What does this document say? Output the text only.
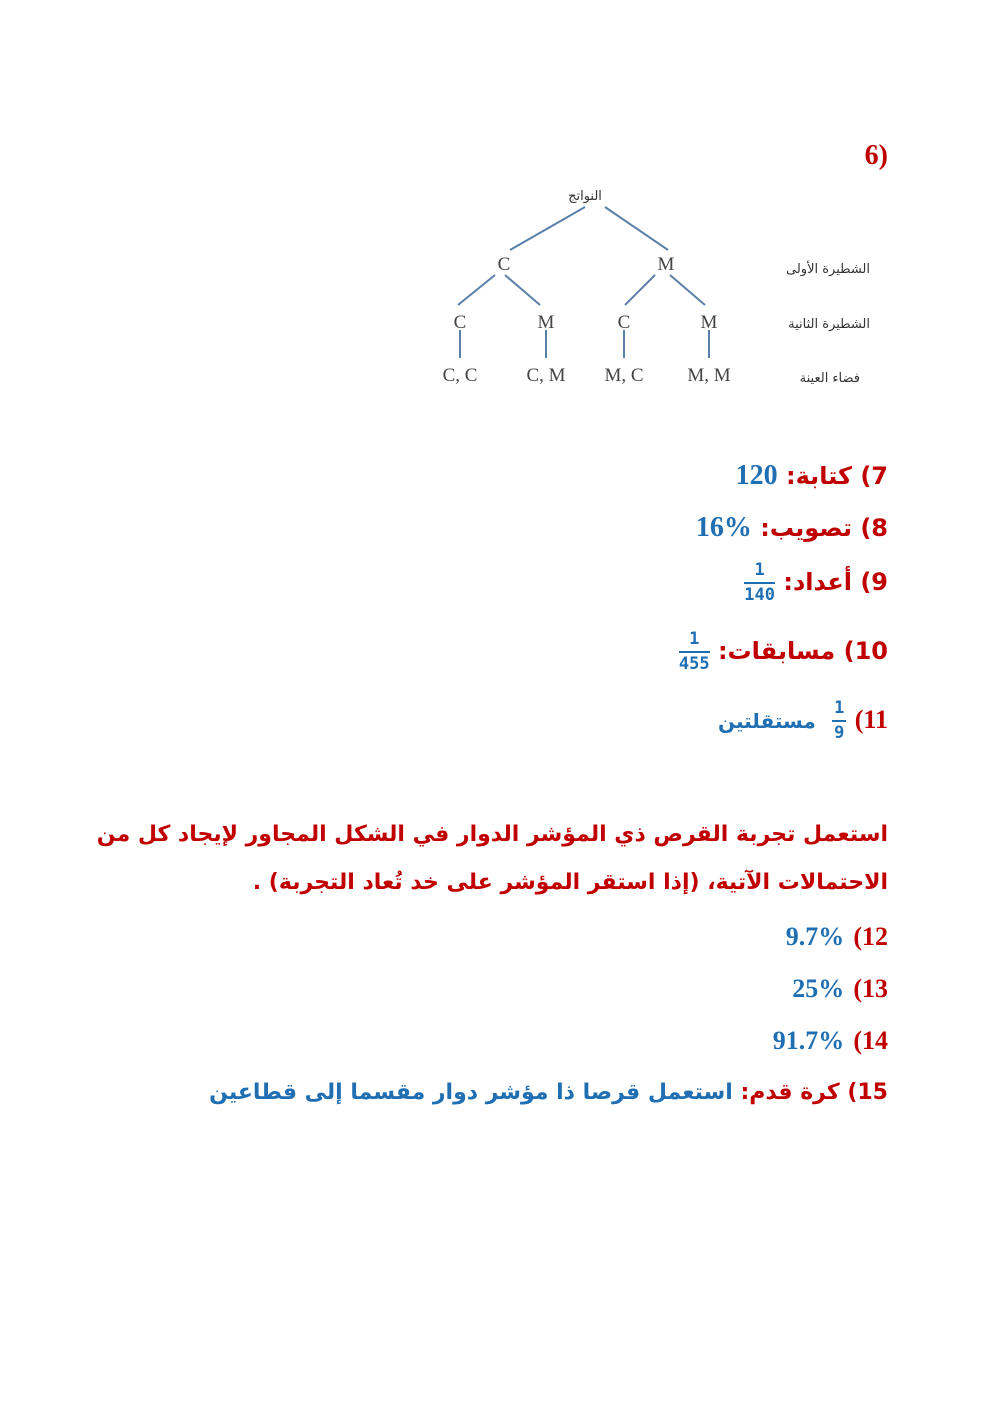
(6
النواتج
C	M
C	M	C	M
C, C	C, M M, C M, M
الشطيرة الأولى
الشطيرة الثانية
فضاء العينة
7) كتابة: 120
8) تصويب: 16%
9) أعداد:
$\frac{1}{140}$
10) مسابقات:
$\frac{1}{455}$
11)
$\frac{1}{9}$
مستقلتين
استعمل تجربة القرص ذي المؤشر الدوار في الشكل المجاور لإيجاد كل من
الاحتمالات الآتية، (إذا استقر المؤشر على خد تُعاد التجربة) .
12) 9.7%
13) 25%
14) 91.7%
15) كرة قدم: استعمل قرصا ذا مؤشر دوار مقسما إلى قطاعين
